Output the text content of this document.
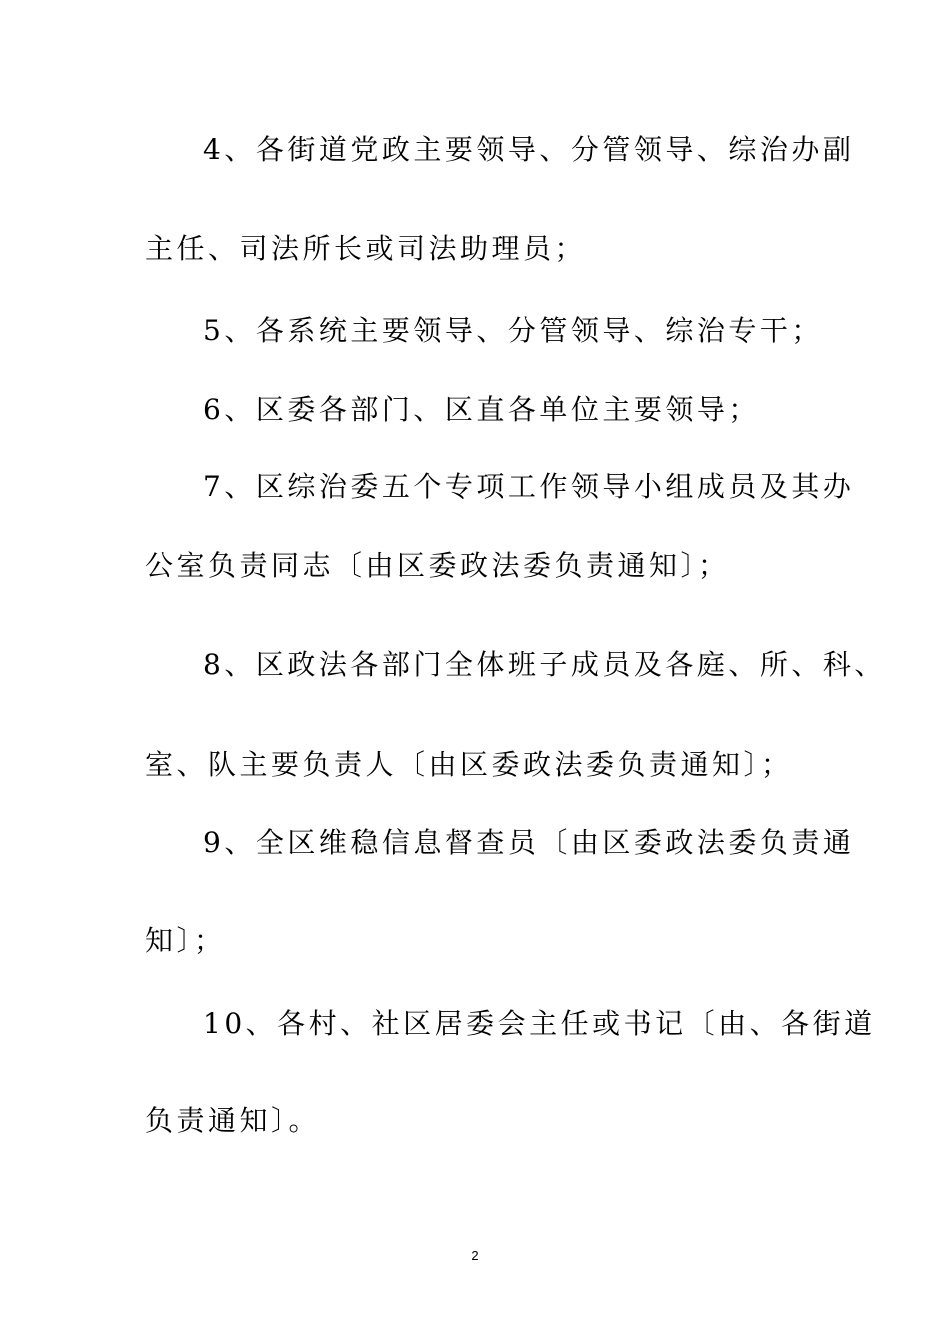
4、各街道党政主要领导、分管领导、综治办副
主任、司法所长或司法助理员；
5、各系统主要领导、分管领导、综治专干；
6、区委各部门、区直各单位主要领导；
7、区综治委五个专项工作领导小组成员及其办
公室负责同志〔由区委政法委负责通知〕；
8、区政法各部门全体班子成员及各庭、所、科、
室、队主要负责人〔由区委政法委负责通知〕；
9、全区维稳信息督查员〔由区委政法委负责通
知〕；
10、各村、社区居委会主任或书记〔由、各街道
负责通知〕。
2
